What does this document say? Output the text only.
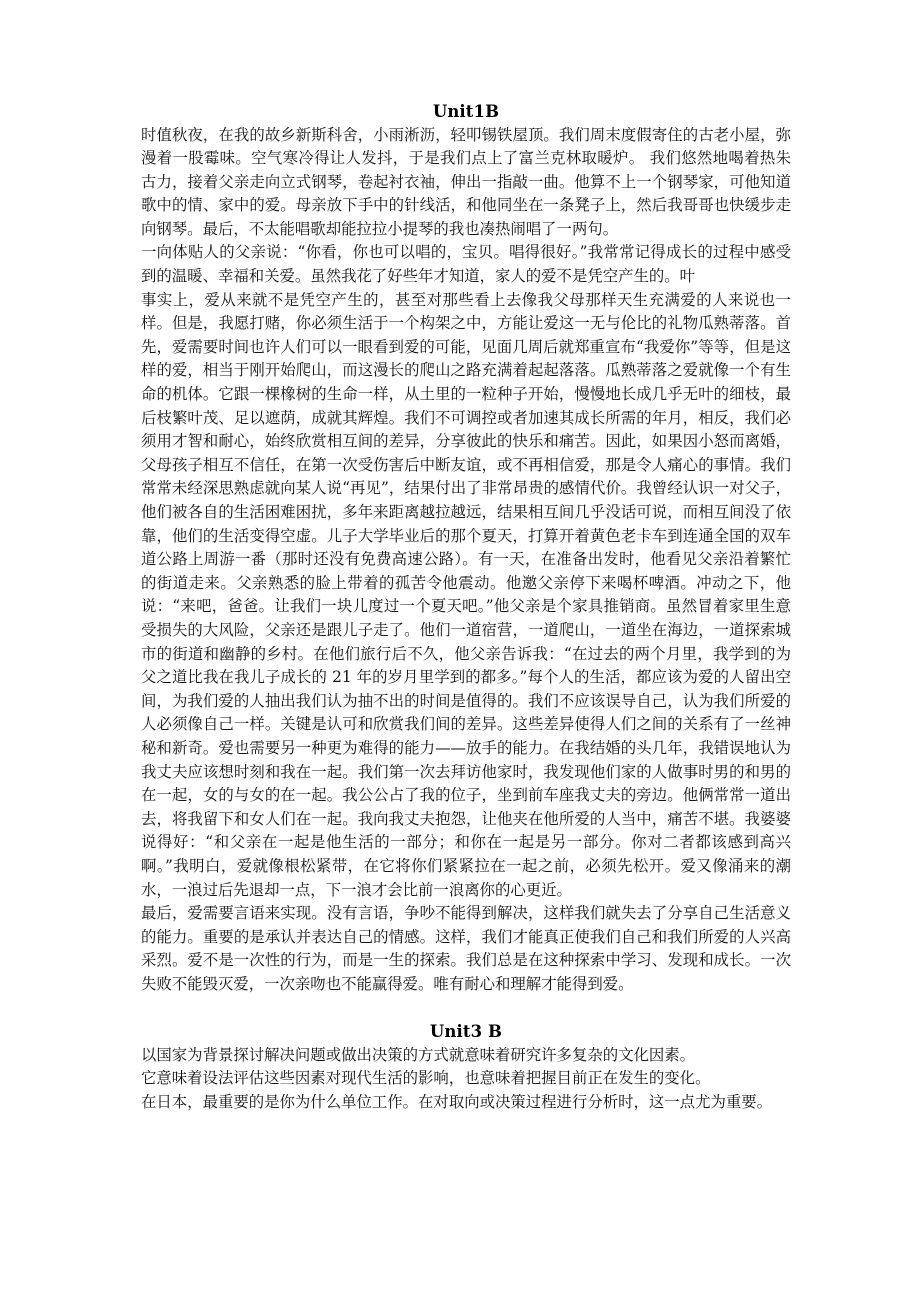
Unit1B

时值秋夜，在我的故乡新斯科舍，小雨淅沥，轻叩锡铁屋顶。我们周末度假寄住的古老小屋，弥漫着一股霉味。空气寒冷得让人发抖，于是我们点上了富兰克林取暖炉。 我们悠然地喝着热朱古力，接着父亲走向立式钢琴，卷起衬衣袖，伸出一指敲一曲。他算不上一个钢琴家，可他知道歌中的情、家中的爱。母亲放下手中的针线活，和他同坐在一条凳子上，然后我哥哥也快缓步走向钢琴。最后，不太能唱歌却能拉拉小提琴的我也凑热闹唱了一两句。

一向体贴人的父亲说：“你看，你也可以唱的，宝贝。唱得很好。”我常常记得成长的过程中感受到的温暖、幸福和关爱。虽然我花了好些年才知道，家人的爱不是凭空产生的。叶

事实上，爱从来就不是凭空产生的，甚至对那些看上去像我父母那样天生充满爱的人来说也一样。但是，我愿打赌，你必须生活于一个构架之中，方能让爱这一无与伦比的礼物瓜熟蒂落。首先，爱需要时间也许人们可以一眼看到爱的可能，见面几周后就郑重宣布“我爱你”等等，但是这样的爱，相当于刚开始爬山，而这漫长的爬山之路充满着起起落落。瓜熟蒂落之爱就像一个有生命的机体。它跟一棵橡树的生命一样，从土里的一粒种子开始，慢慢地长成几乎无叶的细枝，最后枝繁叶茂、足以遮荫，成就其辉煌。我们不可调控或者加速其成长所需的年月，相反，我们必须用才智和耐心，始终欣赏相互间的差异，分享彼此的快乐和痛苦。因此，如果因小怒而离婚，父母孩子相互不信任，在第一次受伤害后中断友谊，或不再相信爱，那是令人痛心的事情。我们常常未经深思熟虑就向某人说“再见”，结果付出了非常昂贵的感情代价。我曾经认识一对父子，他们被各自的生活困难困扰，多年来距离越拉越远，结果相互间几乎没话可说，而相互间没了依靠，他们的生活变得空虚。儿子大学毕业后的那个夏天，打算开着黄色老卡车到连通全国的双车道公路上周游一番（那时还没有免费高速公路）。有一天，在准备出发时，他看见父亲沿着繁忙的街道走来。父亲熟悉的脸上带着的孤苦令他震动。他邀父亲停下来喝杯啤酒。冲动之下，他说：“来吧，爸爸。让我们一块儿度过一个夏天吧。”他父亲是个家具推销商。虽然冒着家里生意受损失的大风险，父亲还是跟儿子走了。他们一道宿营，一道爬山，一道坐在海边，一道探索城市的街道和幽静的乡村。在他们旅行后不久，他父亲告诉我：“在过去的两个月里，我学到的为父之道比我在我儿子成长的 21 年的岁月里学到的都多。”每个人的生活，都应该为爱的人留出空间，为我们爱的人抽出我们认为抽不出的时间是值得的。我们不应该误导自己，认为我们所爱的人必须像自己一样。关键是认可和欣赏我们间的差异。这些差异使得人们之间的关系有了一丝神秘和新奇。爱也需要另一种更为难得的能力——放手的能力。在我结婚的头几年，我错误地认为我丈夫应该想时刻和我在一起。我们第一次去拜访他家时，我发现他们家的人做事时男的和男的在一起，女的与女的在一起。我公公占了我的位子，坐到前车座我丈夫的旁边。他俩常常一道出去，将我留下和女人们在一起。我向我丈夫抱怨，让他夹在他所爱的人当中，痛苦不堪。我婆婆说得好：“和父亲在一起是他生活的一部分；和你在一起是另一部分。你对二者都该感到高兴啊。”我明白，爱就像根松紧带，在它将你们紧紧拉在一起之前，必须先松开。爱又像涌来的潮水，一浪过后先退却一点，下一浪才会比前一浪离你的心更近。

最后，爱需要言语来实现。没有言语，争吵不能得到解决，这样我们就失去了分享自己生活意义的能力。重要的是承认并表达自己的情感。这样，我们才能真正使我们自己和我们所爱的人兴高采烈。爱不是一次性的行为，而是一生的探索。我们总是在这种探索中学习、发现和成长。一次失败不能毁灭爱，一次亲吻也不能赢得爱。唯有耐心和理解才能得到爱。

Unit3 B

以国家为背景探讨解决问题或做出决策的方式就意味着研究许多复杂的文化因素。

它意味着设法评估这些因素对现代生活的影响，也意味着把握目前正在发生的变化。

在日本，最重要的是你为什么单位工作。在对取向或决策过程进行分析时，这一点尤为重要。
